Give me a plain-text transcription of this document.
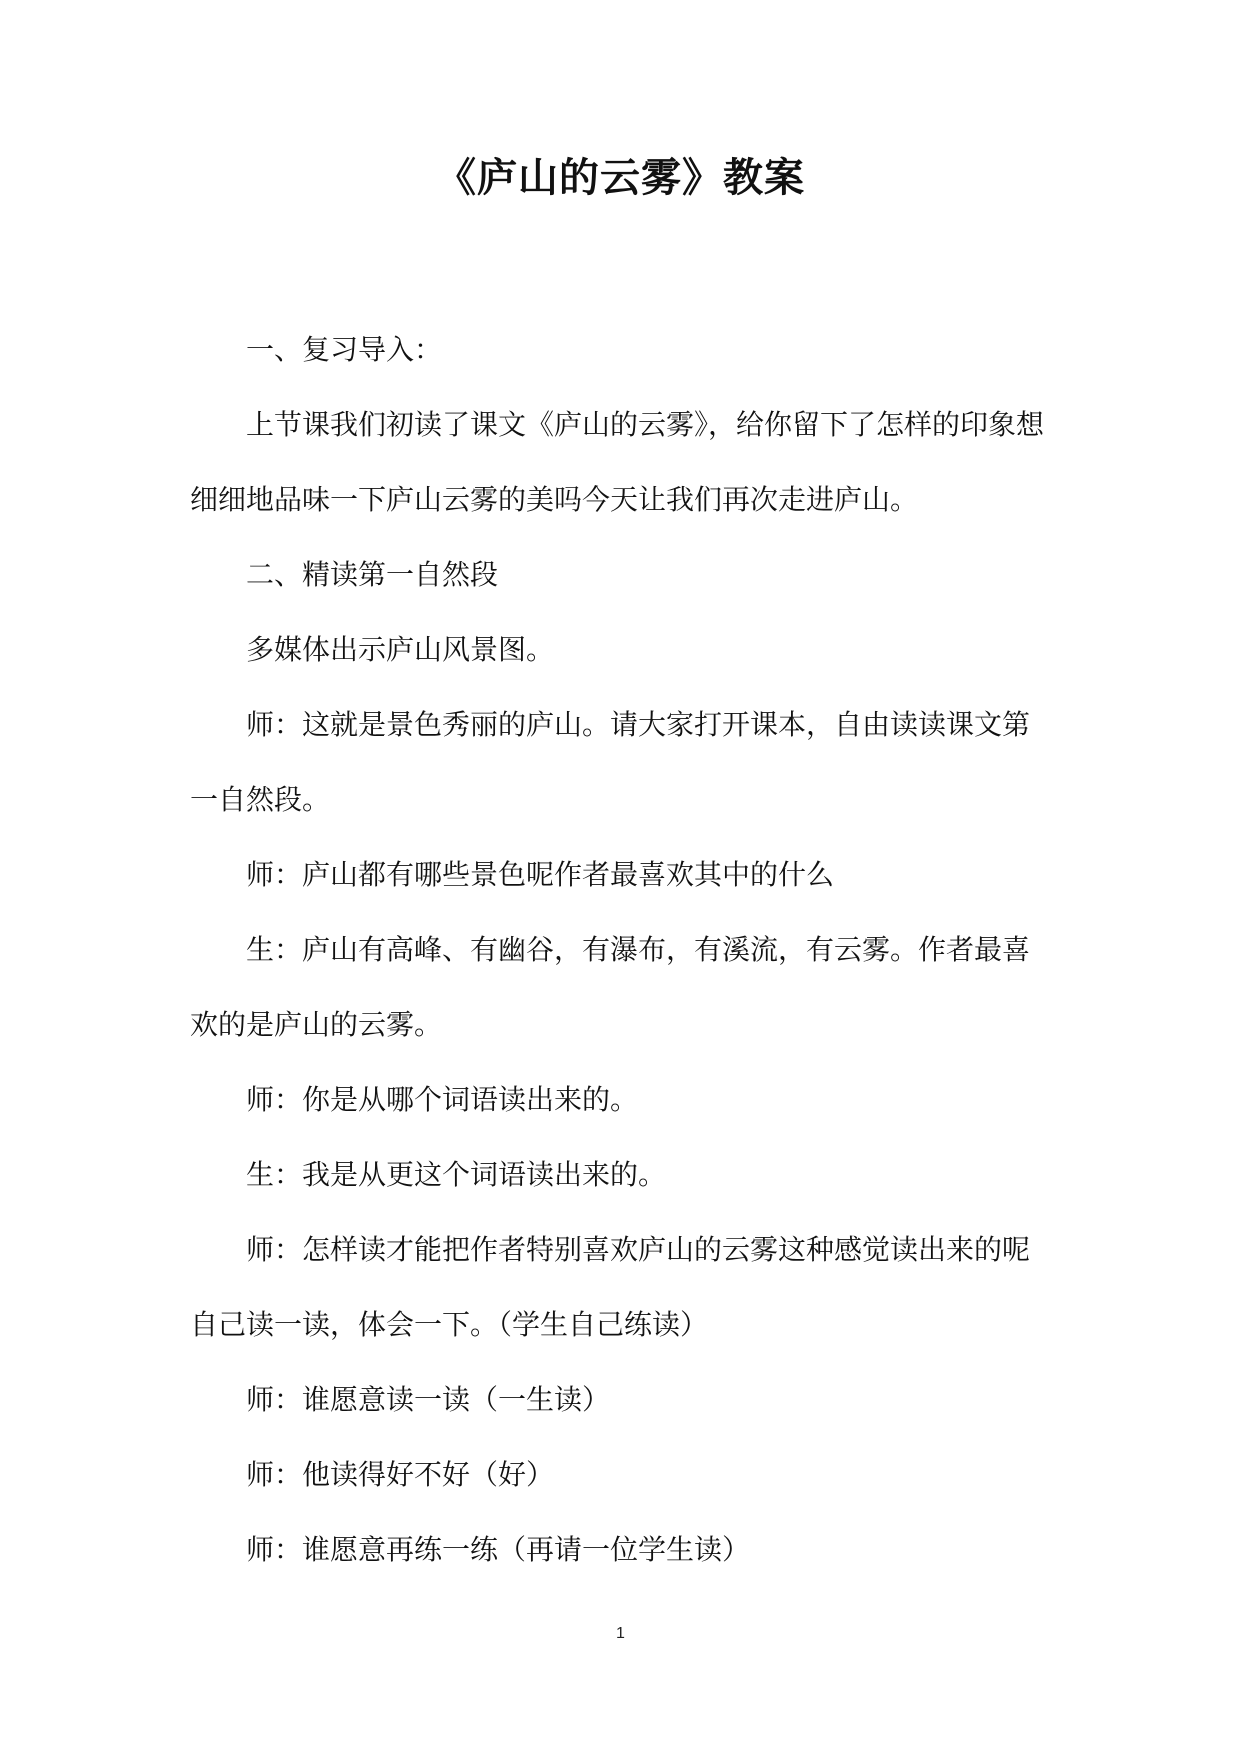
《庐山的云雾》教案

一、复习导入：

上节课我们初读了课文《庐山的云雾》，给你留下了怎样的印象想细细地品味一下庐山云雾的美吗今天让我们再次走进庐山。

二、精读第一自然段

多媒体出示庐山风景图。

师：这就是景色秀丽的庐山。请大家打开课本，自由读读课文第一自然段。

师：庐山都有哪些景色呢作者最喜欢其中的什么

生：庐山有高峰、有幽谷，有瀑布，有溪流，有云雾。作者最喜欢的是庐山的云雾。

师：你是从哪个词语读出来的。

生：我是从更这个词语读出来的。

师：怎样读才能把作者特别喜欢庐山的云雾这种感觉读出来的呢自己读一读，体会一下。（学生自己练读）

师：谁愿意读一读（一生读）

师：他读得好不好（好）

师：谁愿意再练一练（再请一位学生读）

1
